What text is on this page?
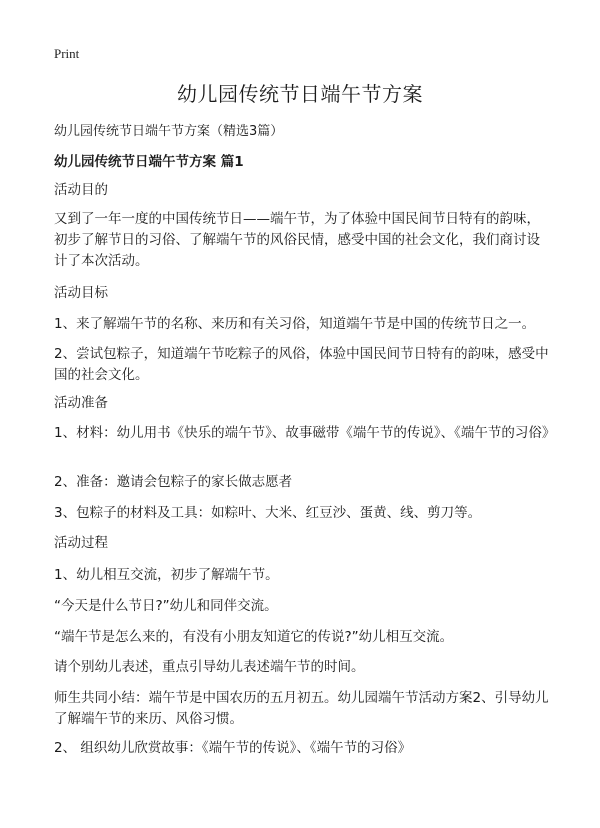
Print
幼儿园传统节日端午节方案
幼儿园传统节日端午节方案（精选3篇）
幼儿园传统节日端午节方案 篇1

活动目的

又到了一年一度的中国传统节日——端午节，为了体验中国民间节日特有的韵味，初步了解节日的习俗、了解端午节的风俗民情，感受中国的社会文化，我们商讨设计了本次活动。

活动目标

1、来了解端午节的名称、来历和有关习俗，知道端午节是中国的传统节日之一。

2、尝试包粽子，知道端午节吃粽子的风俗，体验中国民间节日特有的韵味，感受中国的社会文化。

活动准备

1、材料：幼儿用书《快乐的端午节》、故事磁带《端午节的传说》、《端午节的习俗》

2、准备：邀请会包粽子的家长做志愿者

3、包粽子的材料及工具：如粽叶、大米、红豆沙、蛋黄、线、剪刀等。

活动过程

1、幼儿相互交流，初步了解端午节。

“今天是什么节日?”幼儿和同伴交流。

“端午节是怎么来的，有没有小朋友知道它的传说?”幼儿相互交流。

请个别幼儿表述，重点引导幼儿表述端午节的时间。

师生共同小结：端午节是中国农历的五月初五。幼儿园端午节活动方案2、引导幼儿了解端午节的来历、风俗习惯。

2、 组织幼儿欣赏故事：《端午节的传说》、《端午节的习俗》
